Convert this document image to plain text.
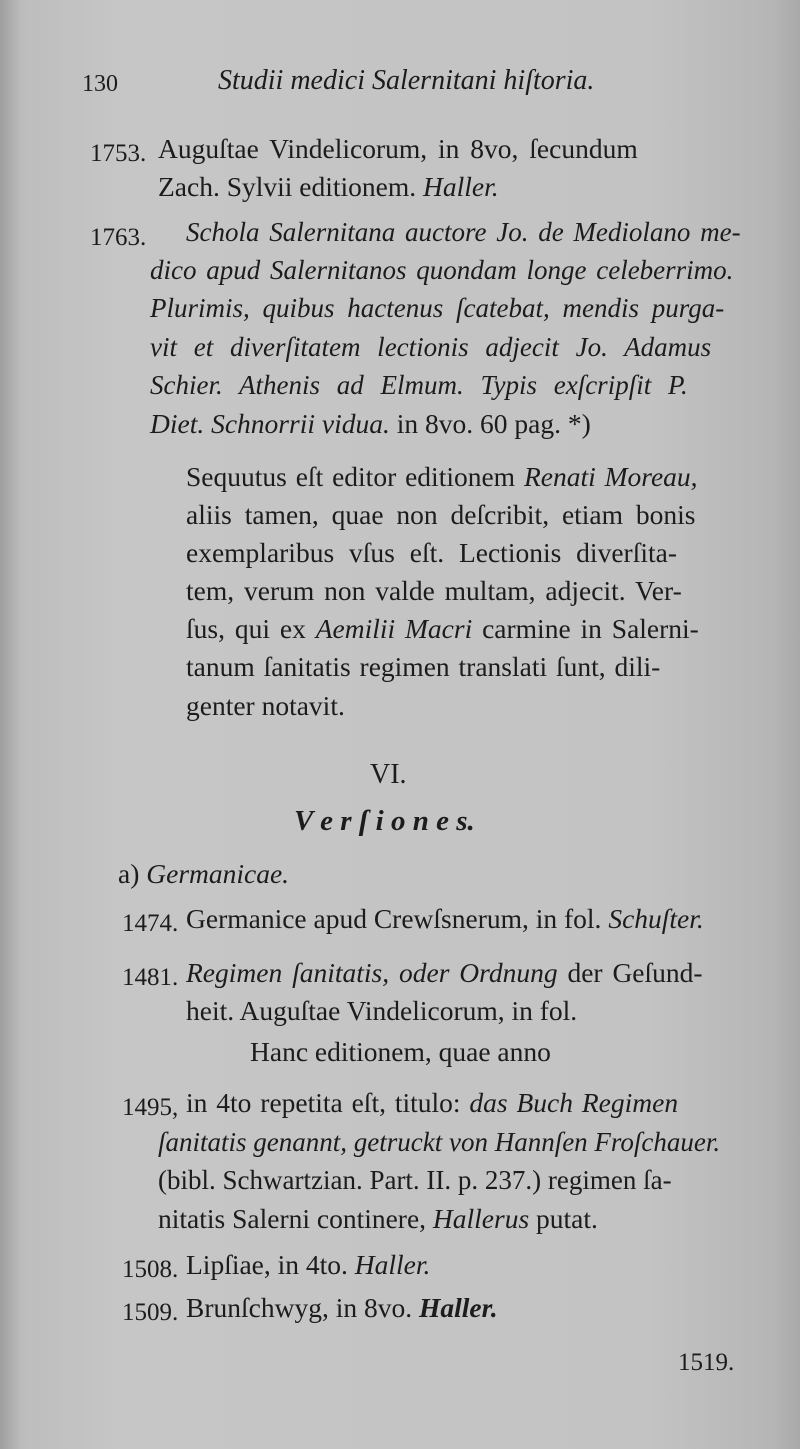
130	Studii medici Salernitani hiſtoria.
1753. Auguſtae Vindelicorum, in 8vo, ſecundum
Zach. Sylvii editionem. Haller.
1763. Schola Salernitana auctore Jo. de Mediolano me-
dico apud Salernitanos quondam longe celeberrimo.
Plurimis, quibus hactenus ſcatebat, mendis purga-
vit et diverſitatem lectionis adjecit Jo. Adamus
Schier. Athenis ad Elmum. Typis exſcripſit P.
Diet. Schnorrii vidua. in 8vo. 60 pag. *)
Sequutus eſt editor editionem Renati Moreau,
aliis tamen, quae non deſcribit, etiam bonis
exemplaribus vſus eſt. Lectionis diverſita-
tem, verum non valde multam, adjecit. Ver-
ſus, qui ex Aemilii Macri carmine in Salerni-
tanum ſanitatis regimen translati ſunt, dili-
genter notavit.
VI.
V e r ſ i o n e s.
a) Germanicae.
1474. Germanice apud Crewſsnerum, in fol. Schuſter.
1481. Regimen ſanitatis, oder Ordnung der Geſund-
heit. Auguſtae Vindelicorum, in fol.
Hanc editionem, quae anno
1495, in 4to repetita eſt, titulo: das Buch Regimen
ſanitatis genannt, getruckt von Hannſen Froſchauer.
(bibl. Schwartzian. Part. II. p. 237.) regimen ſa-
nitatis Salerni continere, Hallerus putat.
1508. Lipſiae, in 4to. Haller.
1509. Brunſchwyg, in 8vo. Haller.
1519.
